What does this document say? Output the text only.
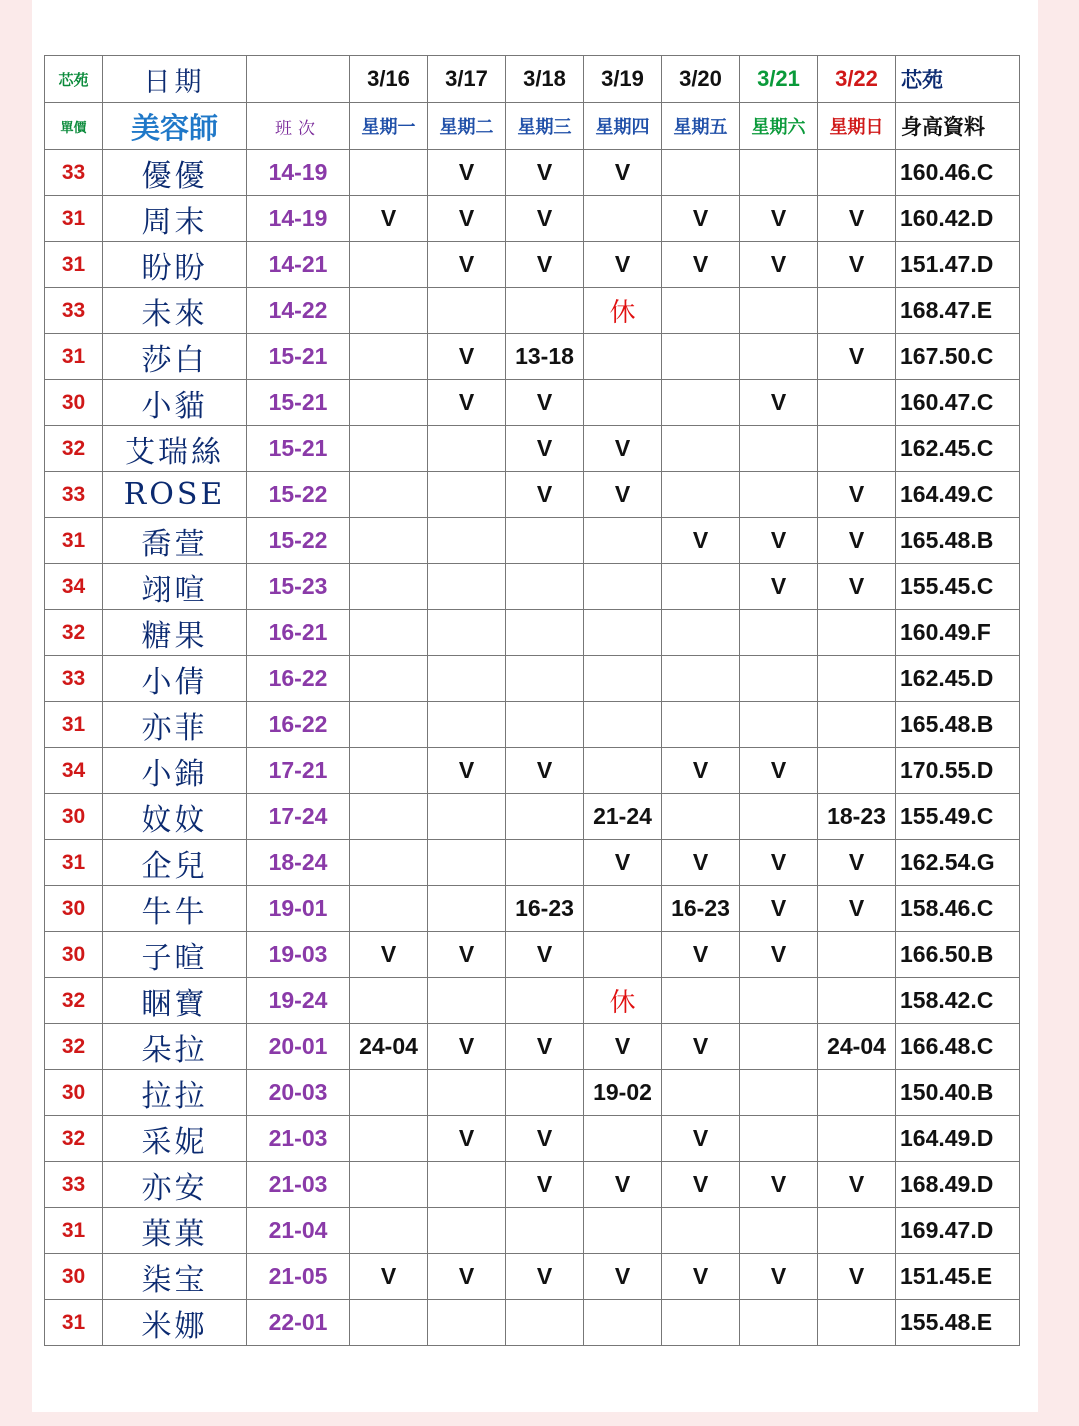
芯苑	日期		3/16	3/17	3/18	3/19	3/20	3/21	3/22	芯苑
單價	美容師	班次	星期一	星期二	星期三	星期四	星期五	星期六	星期日	身高資料
33	優優	14-19		V	V	V				160.46.C
31	周末	14-19	V	V	V		V	V	V	160.42.D
31	盼盼	14-21		V	V	V	V	V	V	151.47.D
33	未來	14-22				休				168.47.E
31	莎白	15-21		V	13-18				V	167.50.C
30	小貓	15-21		V	V			V		160.47.C
32	艾瑞絲	15-21			V	V				162.45.C
33	ROSE	15-22			V	V			V	164.49.C
31	喬萱	15-22					V	V	V	165.48.B
34	翊喧	15-23						V	V	155.45.C
32	糖果	16-21								160.49.F
33	小倩	16-22								162.45.D
31	亦菲	16-22								165.48.B
34	小錦	17-21		V	V		V	V		170.55.D
30	妏妏	17-24				21-24			18-23	155.49.C
31	企兒	18-24				V	V	V	V	162.54.G
30	牛牛	19-01			16-23		16-23	V	V	158.46.C
30	子暄	19-03	V	V	V		V	V		166.50.B
32	睏寶	19-24				休				158.42.C
32	朵拉	20-01	24-04	V	V	V	V		24-04	166.48.C
30	拉拉	20-03				19-02				150.40.B
32	采妮	21-03		V	V		V			164.49.D
33	亦安	21-03			V	V	V	V	V	168.49.D
31	菓菓	21-04								169.47.D
30	柒宝	21-05	V	V	V	V	V	V	V	151.45.E
31	米娜	22-01								155.48.E
